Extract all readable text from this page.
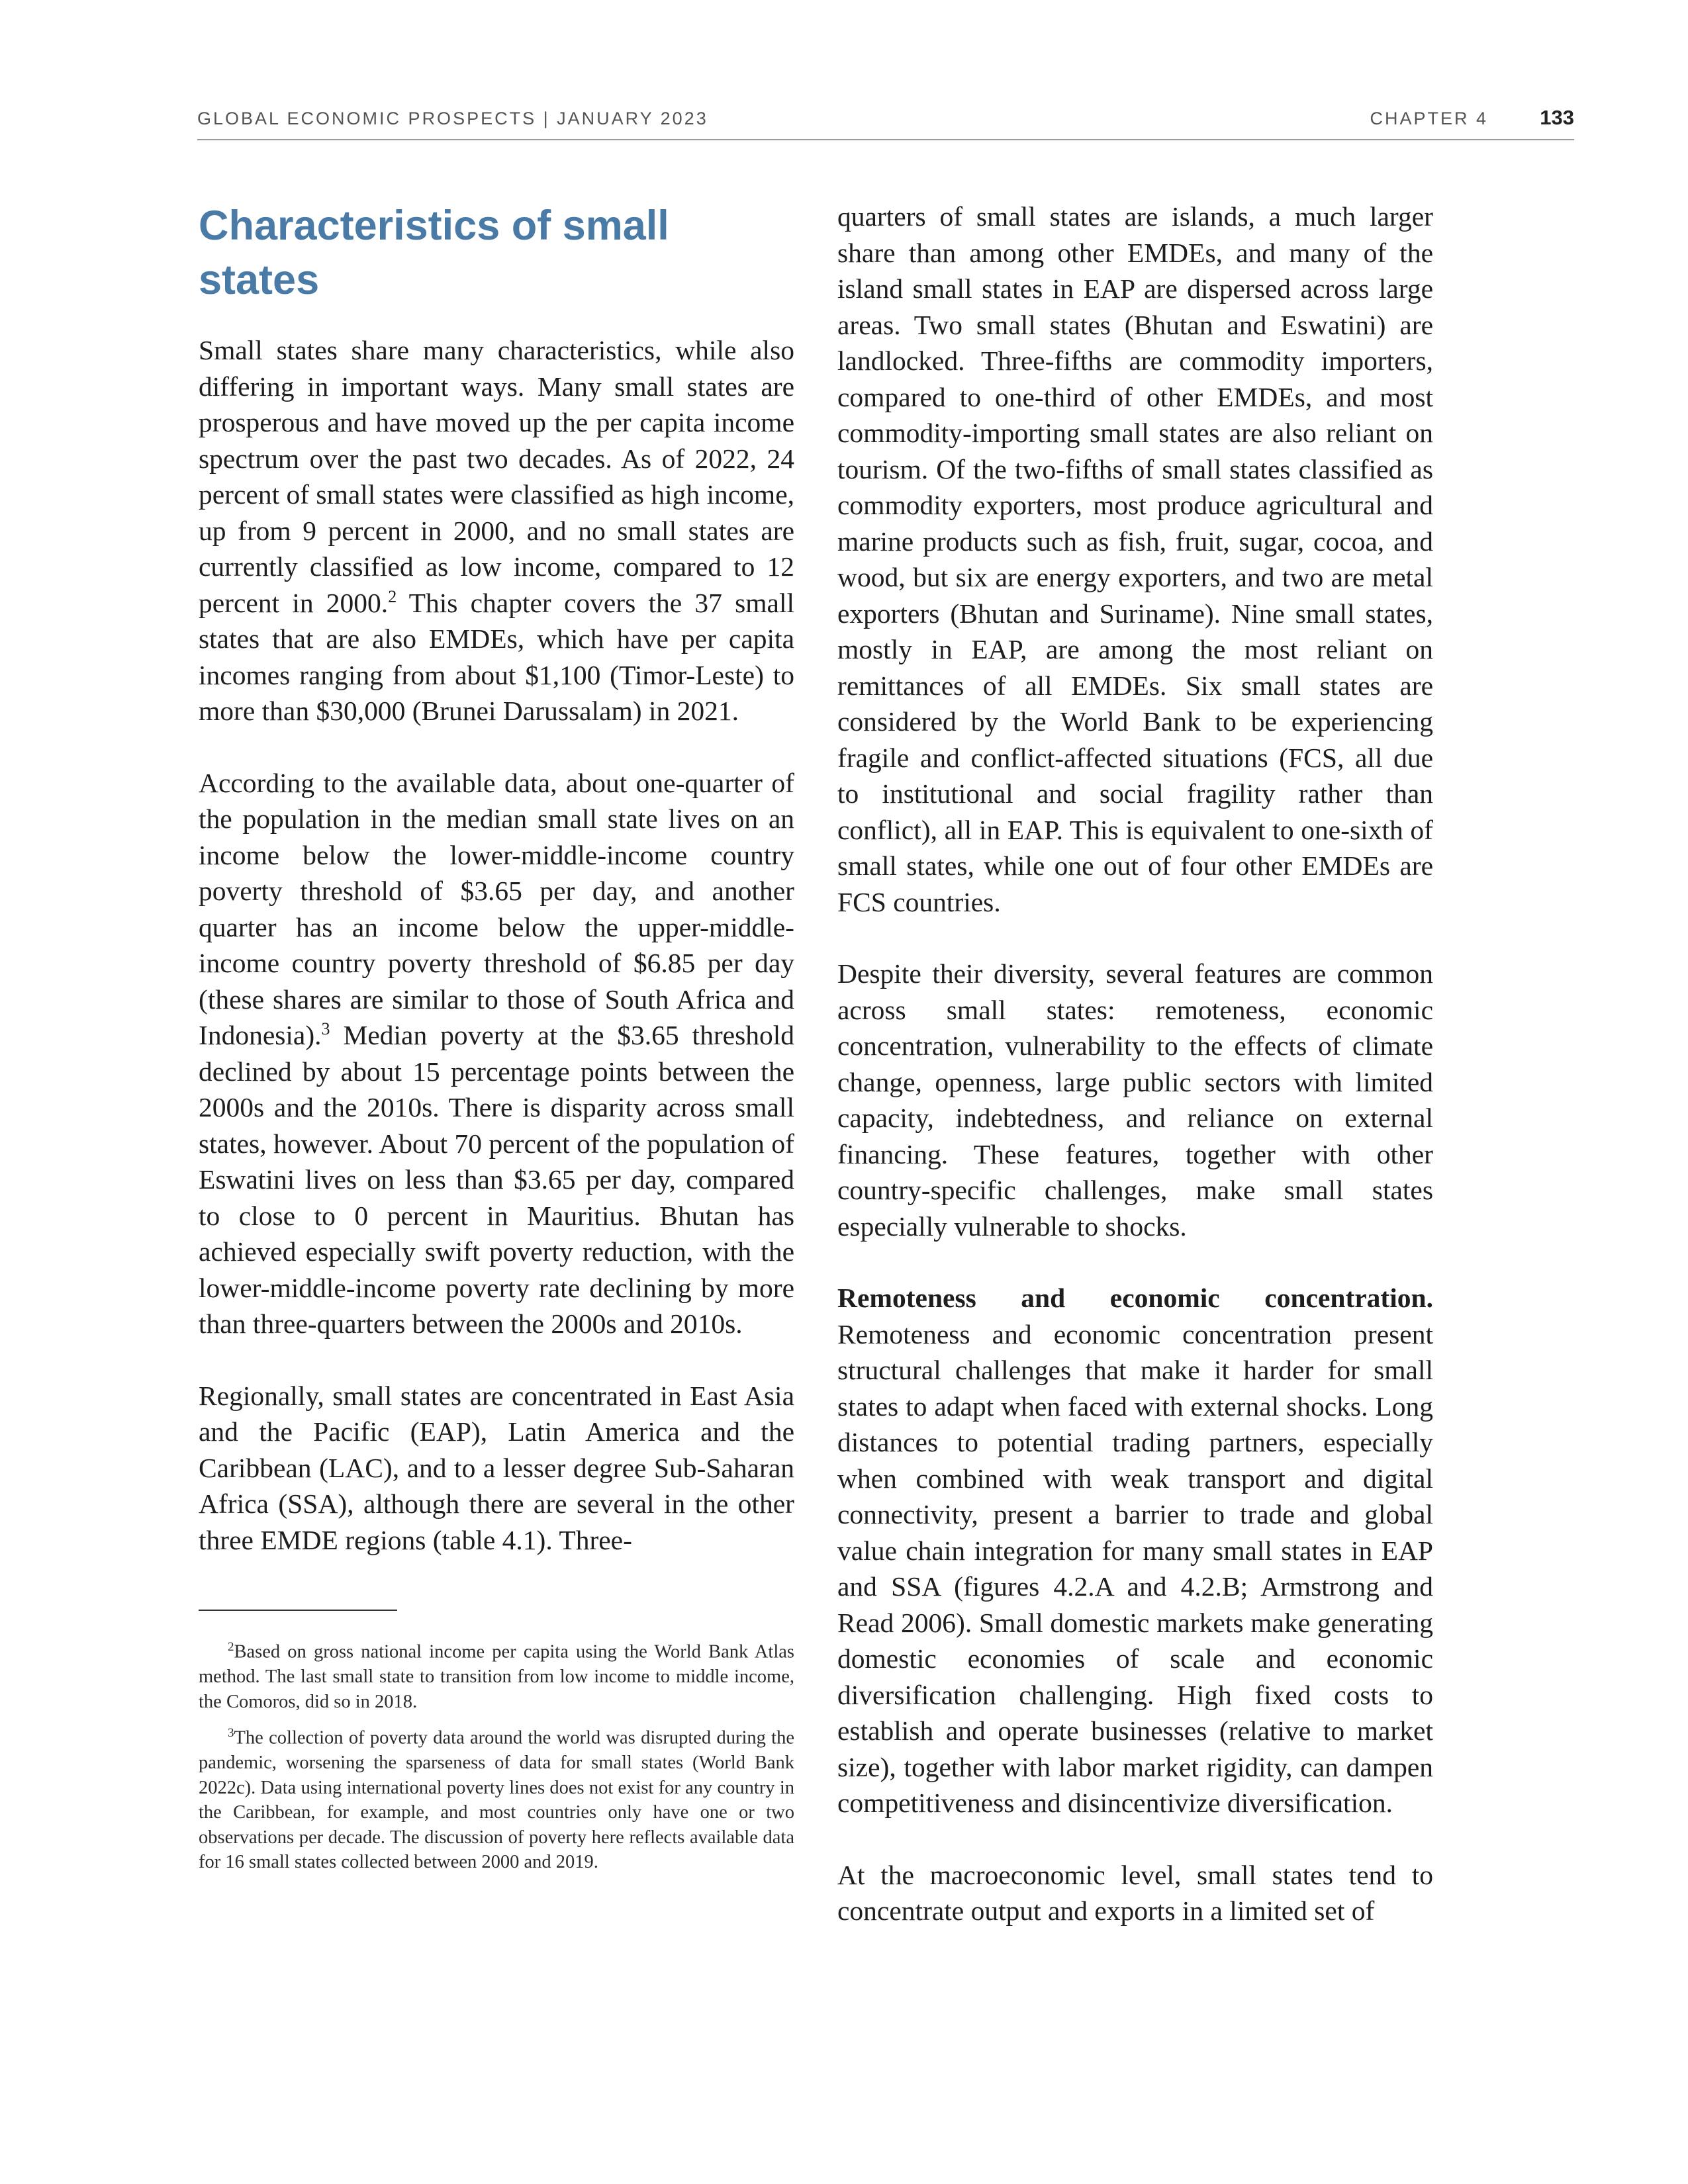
GLOBAL ECONOMIC PROSPECTS | JANUARY 2023	CHAPTER 4	133
Characteristics of small states

Small states share many characteristics, while also differing in important ways. Many small states are prosperous and have moved up the per capita income spectrum over the past two decades. As of 2022, 24 percent of small states were classified as high income, up from 9 percent in 2000, and no small states are currently classified as low income, compared to 12 percent in 2000.$^2$ This chapter covers the 37 small states that are also EMDEs, which have per capita incomes ranging from about $1,100 (Timor-Leste) to more than $30,000 (Brunei Darussalam) in 2021.

According to the available data, about one-quarter of the population in the median small state lives on an income below the lower-middle-income country poverty threshold of $3.65 per day, and another quarter has an income below the upper-middle-income country poverty threshold of $6.85 per day (these shares are similar to those of South Africa and Indonesia).$^3$ Median poverty at the $3.65 threshold declined by about 15 percentage points between the 2000s and the 2010s. There is disparity across small states, however. About 70 percent of the population of Eswatini lives on less than $3.65 per day, compared to close to 0 percent in Mauritius. Bhutan has achieved especially swift poverty reduction, with the lower-middle-income poverty rate declining by more than three-quarters between the 2000s and 2010s.

Regionally, small states are concentrated in East Asia and the Pacific (EAP), Latin America and the Caribbean (LAC), and to a lesser degree Sub-Saharan Africa (SSA), although there are several in the other three EMDE regions (table 4.1). Three-

$^2$Based on gross national income per capita using the World Bank Atlas method. The last small state to transition from low income to middle income, the Comoros, did so in 2018.

$^3$The collection of poverty data around the world was disrupted during the pandemic, worsening the sparseness of data for small states (World Bank 2022c). Data using international poverty lines does not exist for any country in the Caribbean, for example, and most countries only have one or two observations per decade. The discussion of poverty here reflects available data for 16 small states collected between 2000 and 2019.

quarters of small states are islands, a much larger share than among other EMDEs, and many of the island small states in EAP are dispersed across large areas. Two small states (Bhutan and Eswatini) are landlocked. Three-fifths are commodity importers, compared to one-third of other EMDEs, and most commodity-importing small states are also reliant on tourism. Of the two-fifths of small states classified as commodity exporters, most produce agricultural and marine products such as fish, fruit, sugar, cocoa, and wood, but six are energy exporters, and two are metal exporters (Bhutan and Suriname). Nine small states, mostly in EAP, are among the most reliant on remittances of all EMDEs. Six small states are considered by the World Bank to be experiencing fragile and conflict-affected situations (FCS, all due to institutional and social fragility rather than conflict), all in EAP. This is equivalent to one-sixth of small states, while one out of four other EMDEs are FCS countries.

Despite their diversity, several features are common across small states: remoteness, economic concentration, vulnerability to the effects of climate change, openness, large public sectors with limited capacity, indebtedness, and reliance on external financing. These features, together with other country-specific challenges, make small states especially vulnerable to shocks.

Remoteness and economic concentration. Remoteness and economic concentration present structural challenges that make it harder for small states to adapt when faced with external shocks. Long distances to potential trading partners, especially when combined with weak transport and digital connectivity, present a barrier to trade and global value chain integration for many small states in EAP and SSA (figures 4.2.A and 4.2.B; Armstrong and Read 2006). Small domestic markets make generating domestic economies of scale and economic diversification challenging. High fixed costs to establish and operate businesses (relative to market size), together with labor market rigidity, can dampen competitiveness and disincentivize diversification.

At the macroeconomic level, small states tend to concentrate output and exports in a limited set of
